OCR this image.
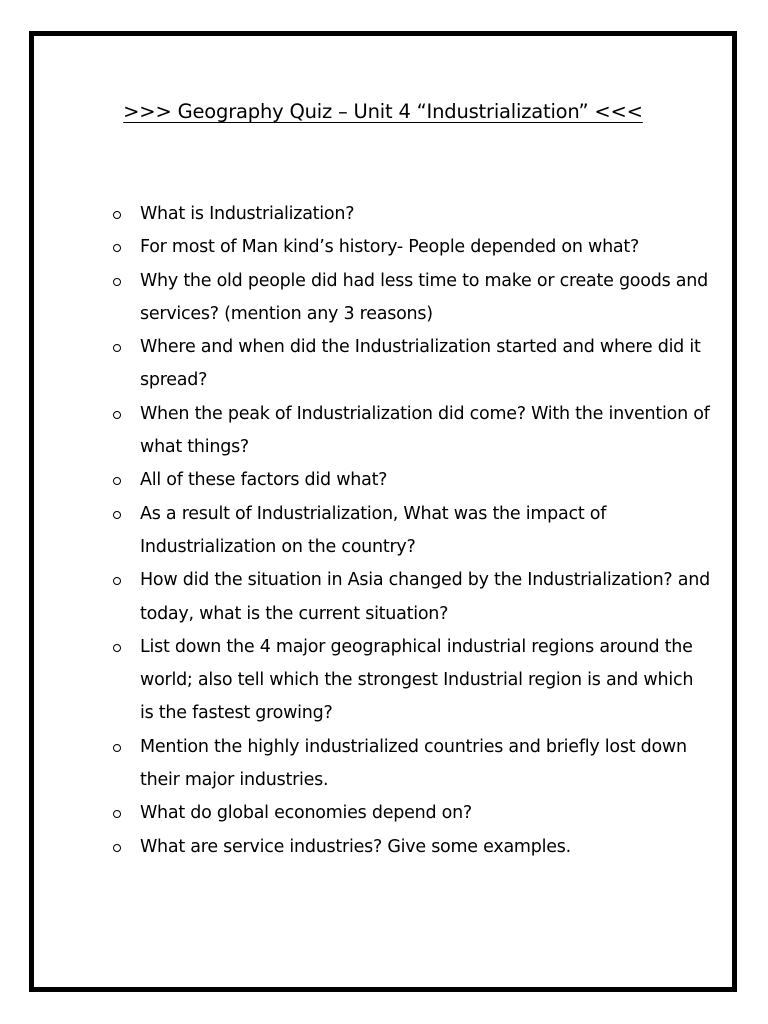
>>> Geography Quiz – Unit 4 “Industrialization” <<<
What is Industrialization?
For most of Man kind’s history- People depended on what?
Why the old people did had less time to make or create goods and services? (mention any 3 reasons)
Where and when did the Industrialization started and where did it spread?
When the peak of Industrialization did come? With the invention of what things?
All of these factors did what?
As a result of Industrialization, What was the impact of Industrialization on the country?
How did the situation in Asia changed by the Industrialization? and today, what is the current situation?
List down the 4 major geographical industrial regions around the world; also tell which the strongest Industrial region is and which is the fastest growing?
Mention the highly industrialized countries and briefly lost down their major industries.
What do global economies depend on?
What are service industries? Give some examples.
